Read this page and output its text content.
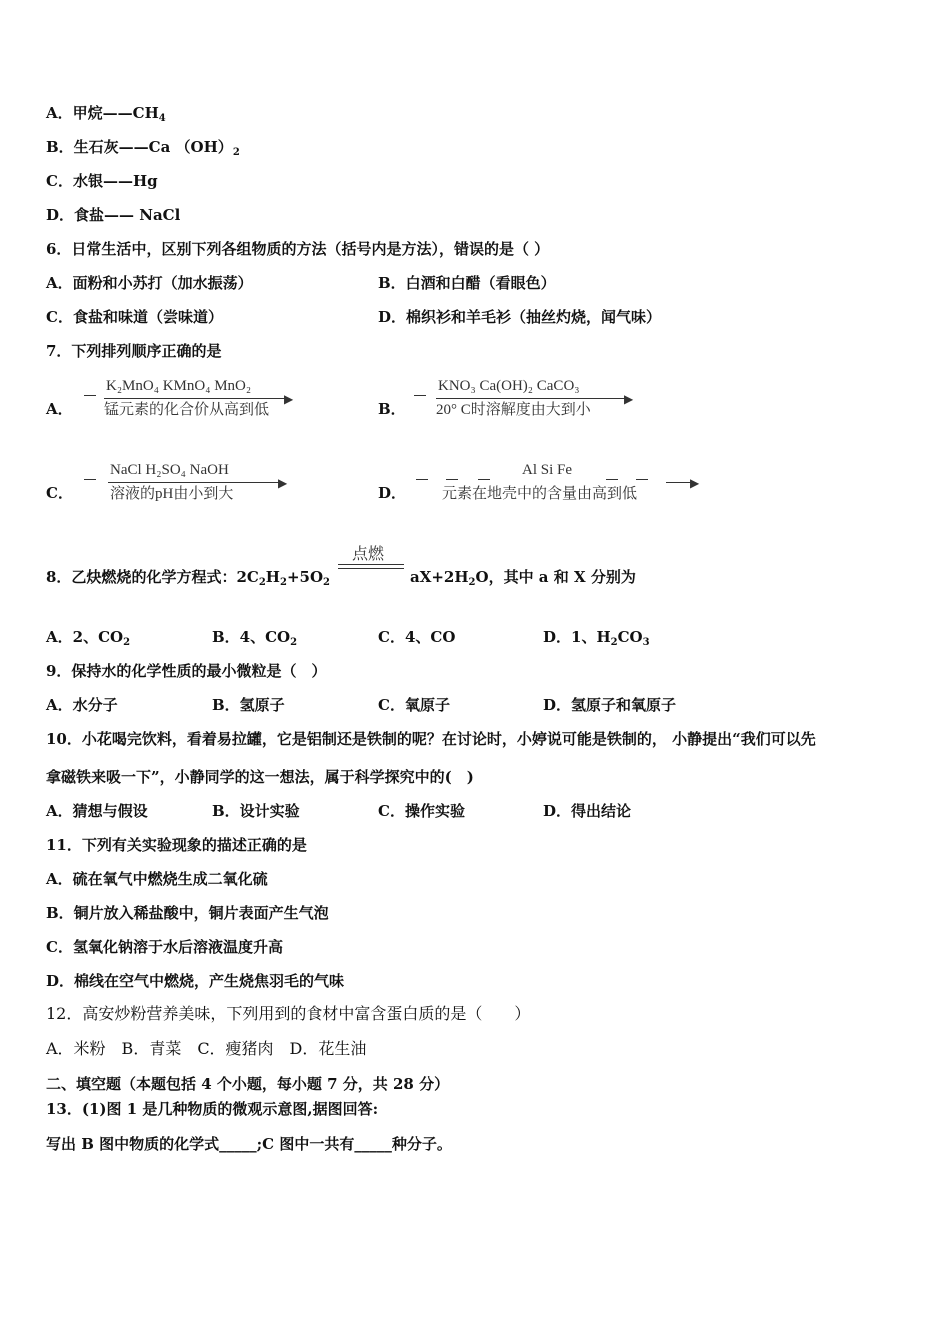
A．甲烷$——CH_4$
B．生石灰——Ca $(OH)_2$
C．水银——Hg
D．食盐—— NaCl
6．日常生活中，区别下列各组物质的方法（括号内是方法），错误的是（ ）
A．面粉和小苏打（加水振荡）	B．白酒和白醋（看眼色）
C．食盐和味道（尝味道）	D．棉织衫和羊毛衫（抽丝灼烧，闻气味）
7．下列排列顺序正确的是
A．
K₂MnO₄ KMnO₄ MnO₂
▶
锰元素的化合价从高到低	B．
KNO₃ Ca(OH)₂ CaCO₃
▶
20° C时溶解度由大到小
C．
NaCl H₂SO₄ NaOH
▶
溶液的pH由小到大	D．
Al Si Fe
▶
元素在地壳中的含量由高到低
8．乙炔燃烧的化学方程式：$2C_2H_2+5O_2$
点燃
$aX+2H_2O$，其中 a 和 X 分别为
A．2、$CO_2$	B．4、$CO_2$	C．4、CO	D．1、$H_2CO_3$
9．保持水的化学性质的最小微粒是（　）
A．水分子	B．氢原子	C．氧原子	D．氢原子和氧原子
10．小花喝完饮料，看着易拉罐，它是铝制还是铁制的呢？在讨论时，小婷说可能是铁制的， 小静提出“我们可以先
拿磁铁来吸一下”，小静同学的这一想法，属于科学探究中的(　)
A．猜想与假设	B．设计实验	C．操作实验	D．得出结论
11．下列有关实验现象的描述正确的是
A．硫在氧气中燃烧生成二氧化硫
B．铜片放入稀盐酸中，铜片表面产生气泡
C．氢氧化钠溶于水后溶液温度升高
D．棉线在空气中燃烧，产生烧焦羽毛的气味
12．高安炒粉营养美味，下列用到的食材中富含蛋白质的是（　　）
A．米粉　B．青菜　C．瘦猪肉　D．花生油
二、填空题（本题包括 4 个小题，每小题 7 分，共 28 分）
13．(1)图 1 是几种物质的微观示意图,据图回答:
写出 B 图中物质的化学式_____;C 图中一共有_____种分子。
